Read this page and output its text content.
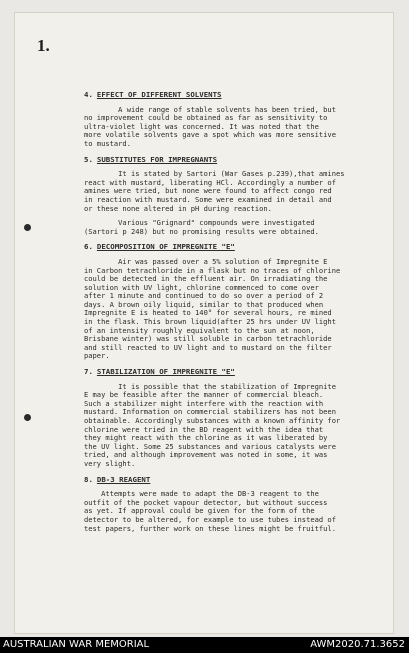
1.
4. EFFECT OF DIFFERENT SOLVENTS
A wide range of stable solvents has been tried, but
no improvement could be obtained as far as sensitivity to
ultra-violet light was concerned. It was noted that the
more volatile solvents gave a spot which was more sensitive
to mustard.
5. SUBSTITUTES FOR IMPREGNANTS
It is stated by Sartori (War Gases p.239),that amines
react with mustard, liberating HCl. Accordingly a number of
amines were tried, but none were found to affect congo red
in reaction with mustard. Some were examined in detail and
or these none altered in pH during reaction.
Various "Grignard" compounds were investigated
(Sartori p 248) but no promising results were obtained.
6. DECOMPOSITION OF IMPREGNITE "E"
Air was passed over a 5% solution of Impregnite E
in Carbon tetrachloride in a flask but no traces of chlorine
could be detected in the effluent air. On irradiating the
solution with UV light, chlorine commenced to come over
after 1 minute and continued to do so over a period of 2
days. A brown oily liquid, similar to that produced when
Impregnite E is heated to 140° for several hours, re mined
in the flask. This brown liquid(after 25 hrs under UV light
of an intensity roughly equivalent to the sun at noon,
Brisbane winter) was still soluble in carbon tetrachloride
and still reacted to UV light and to mustard on the filter
paper.
7. STABILIZATION OF IMPREGNITE "E"
It is possible that the stabilization of Impregnite
E may be feasible after the manner of commercial bleach.
Such a stabilizer might interfere with the reaction with
mustard. Information on commercial stabilizers has not been
obtainable. Accordingly substances with a known affinity for
chlorine were tried in the BD reagent with the idea that
they might react with the chlorine as it was liberated by
the UV light. Some 25 substances and various catalysts were
tried, and although improvement was noted in some, it was
very slight.
8. DB-3 REAGENT
Attempts were made to adapt the DB-3 reagent to the
outfit of the pocket vapour detector, but without success
as yet. If approval could be given for the form of the
detector to be altered, for example to use tubes instead of
test papers, further work on these lines might be fruitful.
AUSTRALIAN WAR MEMORIAL	AWM2020.71.3652
